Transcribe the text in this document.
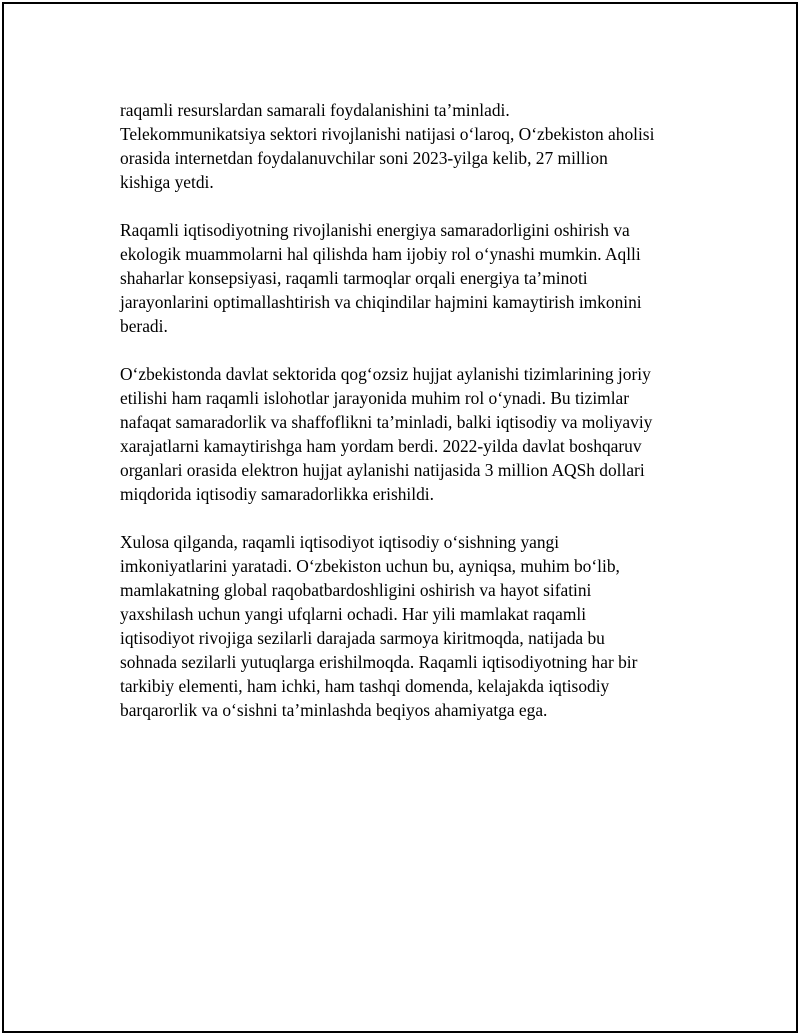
raqamli resurslardan samarali foydalanishini ta’minladi.
Telekommunikatsiya sektori rivojlanishi natijasi oʻlaroq, Oʻzbekiston aholisi
orasida internetdan foydalanuvchilar soni 2023-yilga kelib, 27 million
kishiga yetdi.

Raqamli iqtisodiyotning rivojlanishi energiya samaradorligini oshirish va
ekologik muammolarni hal qilishda ham ijobiy rol oʻynashi mumkin. Aqlli
shaharlar konsepsiyasi, raqamli tarmoqlar orqali energiya ta’minoti
jarayonlarini optimallashtirish va chiqindilar hajmini kamaytirish imkonini
beradi.

Oʻzbekistonda davlat sektorida qogʻozsiz hujjat aylanishi tizimlarining joriy
etilishi ham raqamli islohotlar jarayonida muhim rol oʻynadi. Bu tizimlar
nafaqat samaradorlik va shaffoflikni ta’minladi, balki iqtisodiy va moliyaviy
xarajatlarni kamaytirishga ham yordam berdi. 2022-yilda davlat boshqaruv
organlari orasida elektron hujjat aylanishi natijasida 3 million AQSh dollari
miqdorida iqtisodiy samaradorlikka erishildi.

Xulosa qilganda, raqamli iqtisodiyot iqtisodiy oʻsishning yangi
imkoniyatlarini yaratadi. Oʻzbekiston uchun bu, ayniqsa, muhim boʻlib,
mamlakatning global raqobatbardoshligini oshirish va hayot sifatini
yaxshilash uchun yangi ufqlarni ochadi. Har yili mamlakat raqamli
iqtisodiyot rivojiga sezilarli darajada sarmoya kiritmoqda, natijada bu
sohnada sezilarli yutuqlarga erishilmoqda. Raqamli iqtisodiyotning har bir
tarkibiy elementi, ham ichki, ham tashqi domenda, kelajakda iqtisodiy
barqarorlik va oʻsishni ta’minlashda beqiyos ahamiyatga ega.
